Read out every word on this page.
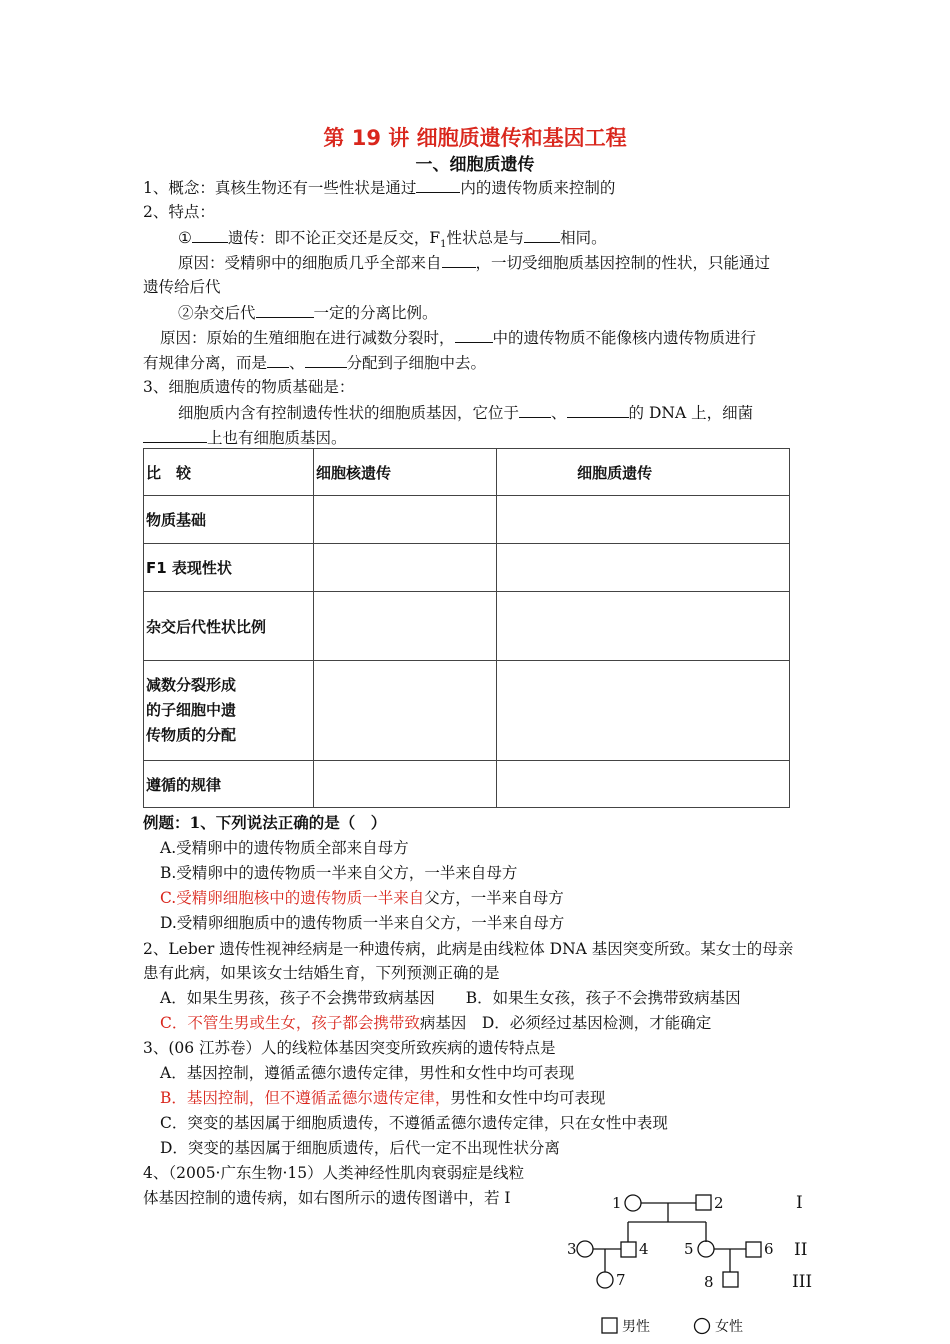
第 19 讲 细胞质遗传和基因工程
一、细胞质遗传
1、概念：真核生物还有一些性状是通过	内的遗传物质来控制的
2、特点：
① 遗传：即不论正交还是反交，$F_1$性状总是与 相同。
原因：受精卵中的细胞质几乎全部来自 ，一切受细胞质基因控制的性状，只能通过
遗传给后代
②杂交后代	一定的分离比例。
原因：原始的生殖细胞在进行减数分裂时， 中的遗传物质不能像核内遗传物质进行
有规律分离，而是 、	分配到子细胞中去。
3、细胞质遗传的物质基础是：
细胞质内含有控制遗传性状的细胞质基因，它位于 、	的 DNA 上，细菌
上也有细胞质基因。
比　较	细胞核遗传	细胞质遗传
物质基础		
F1 表现性状		
杂交后代性状比例		

减数分裂形成
的子细胞中遗
传物质的分配		

遵循的规律		
例题：1、下列说法正确的是（　）
A.受精卵中的遗传物质全部来自母方
B.受精卵中的遗传物质一半来自父方，一半来自母方
C.受精卵细胞核中的遗传物质一半来自父方，一半来自母方
D.受精卵细胞质中的遗传物质一半来自父方，一半来自母方
2、Leber 遗传性视神经病是一种遗传病，此病是由线粒体 DNA 基因突变所致。某女士的母亲
患有此病，如果该女士结婚生育，下列预测正确的是
A．如果生男孩，孩子不会携带致病基因　　B．如果生女孩，孩子不会携带致病基因
C．不管生男或生女，孩子都会携带致病基因　D．必须经过基因检测，才能确定
3、(06 江苏卷）人的线粒体基因突变所致疾病的遗传特点是
A．基因控制，遵循孟德尔遗传定律，男性和女性中均可表现
B．基因控制，但不遵循孟德尔遗传定律，男性和女性中均可表现
C．突变的基因属于细胞质遗传，不遵循孟德尔遗传定律，只在女性中表现
D．突变的基因属于细胞质遗传，后代一定不出现性状分离
4、（2005·广东生物·15）人类神经性肌肉衰弱症是线粒
体基因控制的遗传病，如右图所示的遗传图谱中，若 I	1	2	I
3	4 5	6 II
7	8	III
男性	女性
